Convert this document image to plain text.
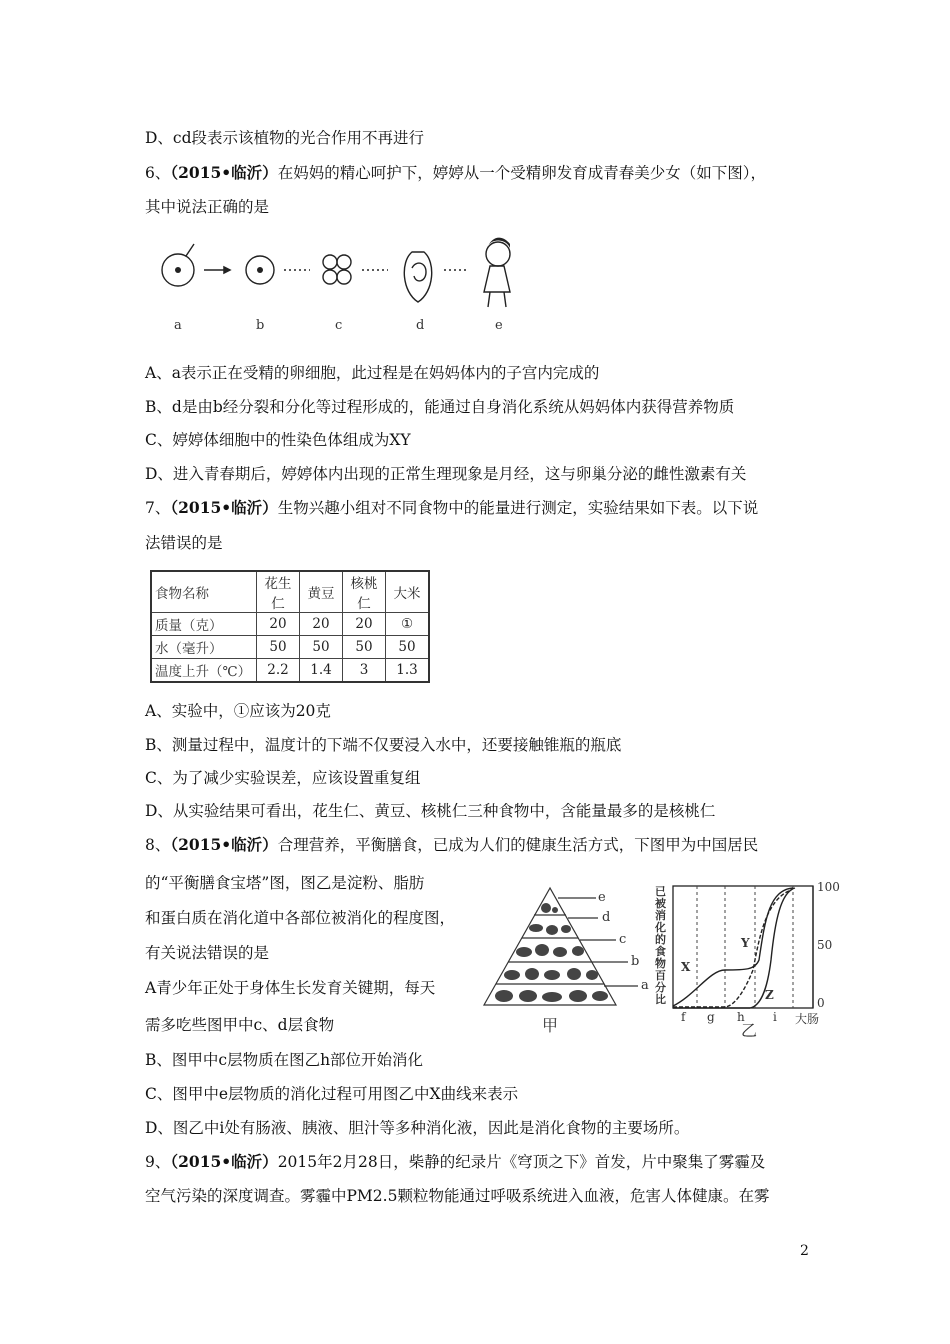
D、cd段表示该植物的光合作用不再进行
6、（2015•临沂）在妈妈的精心呵护下，婷婷从一个受精卵发育成青春美少女（如下图），
其中说法正确的是
a	b	c	d	e
A、a表示正在受精的卵细胞，此过程是在妈妈体内的子宫内完成的
B、d是由b经分裂和分化等过程形成的，能通过自身消化系统从妈妈体内获得营养物质
C、婷婷体细胞中的性染色体组成为XY
D、进入青春期后，婷婷体内出现的正常生理现象是月经，这与卵巢分泌的雌性激素有关
7、（2015•临沂）生物兴趣小组对不同食物中的能量进行测定，实验结果如下表。以下说
法错误的是
食物名称	花生仁	黄豆	核桃仁	大米
质量（克）	20	20	20	①
水（毫升）	50	50	50	50
温度上升（℃）	2.2	1.4	3	1.3
A、实验中，①应该为20克
B、测量过程中，温度计的下端不仅要浸入水中，还要接触锥瓶的瓶底
C、为了减少实验误差，应该设置重复组
D、从实验结果可看出，花生仁、黄豆、核桃仁三种食物中，含能量最多的是核桃仁
8、（2015•临沂）合理营养，平衡膳食，已成为人们的健康生活方式，下图甲为中国居民
的“平衡膳食宝塔”图，图乙是淀粉、脂肪
和蛋白质在消化道中各部位被消化的程度图，
有关说法错误的是
A青少年正处于身体生长发育关键期，每天
需多吃些图甲中c、d层食物
e
d
c
b
a
甲
已被消化的食物百分比
100
50
0
X
Y
Z
f g h i 大肠
乙
B、图甲中c层物质在图乙h部位开始消化
C、图甲中e层物质的消化过程可用图乙中X曲线来表示
D、图乙中i处有肠液、胰液、胆汁等多种消化液，因此是消化食物的主要场所。
9、（2015•临沂）2015年2月28日，柴静的纪录片《穹顶之下》首发，片中聚集了雾霾及
空气污染的深度调查。雾霾中PM2.5颗粒物能通过呼吸系统进入血液，危害人体健康。在雾
2
